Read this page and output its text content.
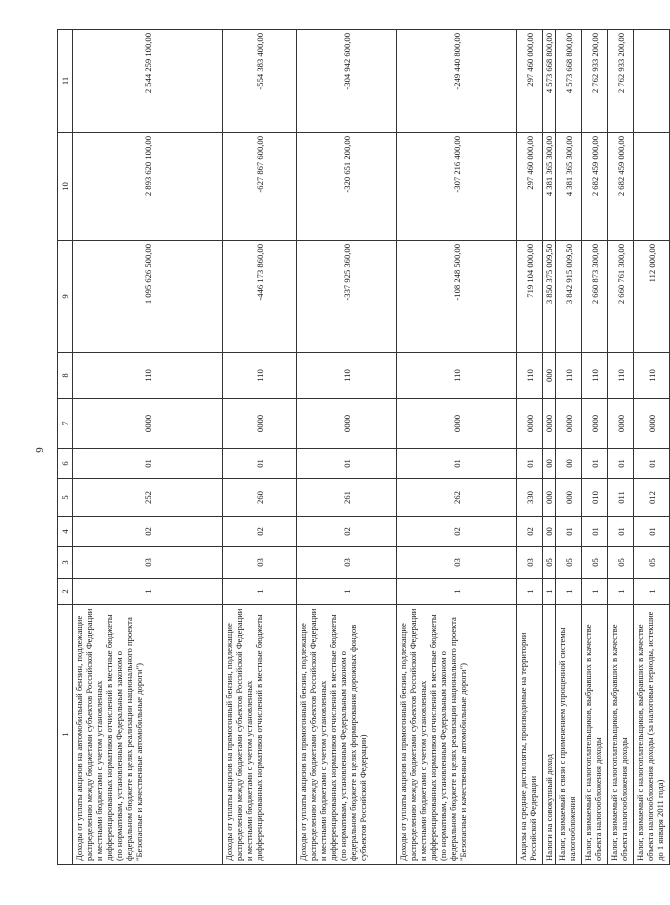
6
1	2	3	4	5	6	7	8	9	10	11
Доходы от уплаты акцизов на автомобильный бензин, подлежащие распределению между бюджетами субъектов Российской Федерации и местными бюджетами с учетом установленных дифференцированных нормативов отчислений в местные бюджеты (по нормативам, установленным Федеральным законом о федеральном бюджете в целях реализации национального проекта "Безопасные и качественные автомобильные дороги")	1	03	02	252	01	0000	110	1 095 626 500,00	2 893 620 100,00	2 544 259 100,00
Доходы от уплаты акцизов на прямогонный бензин, подлежащие распределению между бюджетами субъектов Российской Федерации и местными бюджетами с учетом установленных дифференцированных нормативов отчислений в местные бюджеты	1	03	02	260	01	0000	110	-446 173 860,00	-627 867 600,00	-554 383 400,00
Доходы от уплаты акцизов на прямогонный бензин, подлежащие распределению между бюджетами субъектов Российской Федерации и местными бюджетами с учетом установленных дифференцированных нормативов отчислений в местные бюджеты (по нормативам, установленным Федеральным законом о федеральном бюджете в целях формирования дорожных фондов субъектов Российской Федерации)	1	03	02	261	01	0000	110	-337 925 360,00	-320 651 200,00	-304 942 600,00
Доходы от уплаты акцизов на прямогонный бензин, подлежащие распределению между бюджетами субъектов Российской Федерации и местными бюджетами с учетом установленных дифференцированных нормативов отчислений в местные бюджеты (по нормативам, установленным Федеральным законом о федеральном бюджете в целях реализации национального проекта "Безопасные и качественные автомобильные дороги")	1	03	02	262	01	0000	110	-108 248 500,00	-307 216 400,00	-249 440 800,00
Акцизы на средние дистилляты, производимые на территории Российской Федерации	1	03	02	330	01	0000	110	719 104 000,00	297 460 000,00	297 460 000,00
Налоги на совокупный доход	1	05	00	000	00	0000	000	3 850 375 009,50	4 381 365 300,00	4 573 668 800,00
Налог, взимаемый в связи с применением упрощенной системы налогообложения	1	05	01	000	00	0000	110	3 842 915 009,50	4 381 365 300,00	4 573 668 800,00
Налог, взимаемый с налогоплательщиков, выбравших в качестве объекта налогообложения доходы	1	05	01	010	01	0000	110	2 660 873 300,00	2 682 459 000,00	2 762 933 200,00
Налог, взимаемый с налогоплательщиков, выбравших в качестве объекта налогообложения доходы	1	05	01	011	01	0000	110	2 660 761 300,00	2 682 459 000,00	2 762 933 200,00
Налог, взимаемый с налогоплательщиков, выбравших в качестве объекта налогообложения доходы (за налоговые периоды, истекшие до 1 января 2011 года)	1	05	01	012	01	0000	110	112 000,00		
